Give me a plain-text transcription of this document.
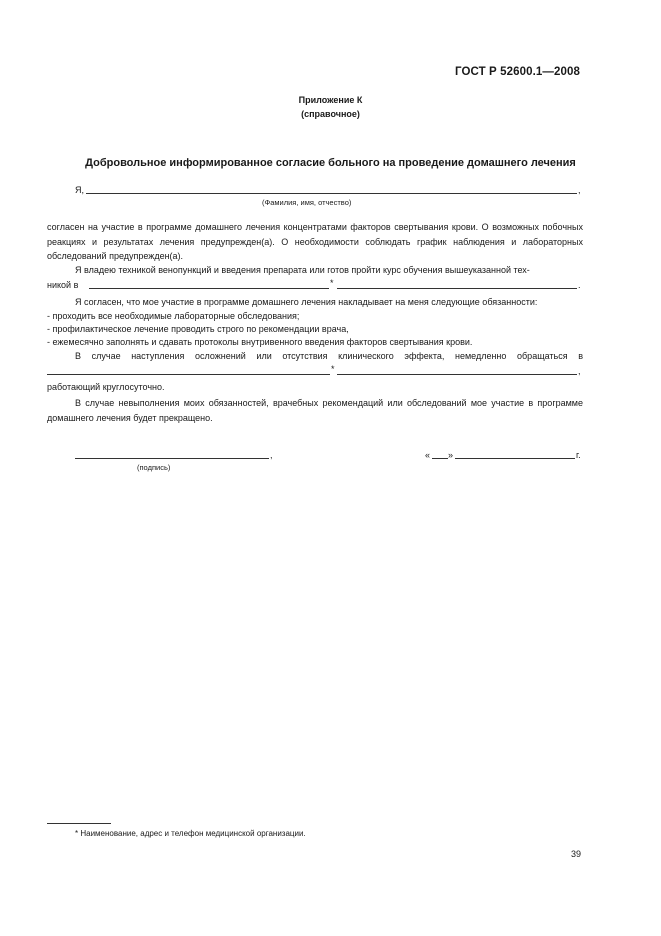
ГОСТ Р 52600.1—2008
Приложение К
(справочное)
Добровольное информированное согласие больного на проведение домашнего лечения
Я,	,
(Фамилия, имя, отчество)
согласен на участие в программе домашнего лечения концентратами факторов свертывания крови. О возможных побочных реакциях и результатах лечения предупрежден(а). О необходимости соблюдать график наблюдения и лабораторных обследований предупрежден(а).
Я владею техникой венопункций и введения препарата или готов пройти курс обучения вышеуказанной тех-
никой в	*	.
Я согласен, что мое участие в программе домашнего лечения накладывает на меня следующие обязанности:
- проходить все необходимые лабораторные обследования;
- профилактическое лечение проводить строго по рекомендации врача,
- ежемесячно заполнять и сдавать протоколы внутривенного введения факторов свертывания крови.
В случае наступления осложнений или отсутствия клинического эффекта, немедленно обращаться в
*	,
работающий круглосуточно.
В случае невыполнения моих обязанностей, врачебных рекомендаций или обследований мое участие в программе домашнего лечения будет прекращено.
,
(подпись)
« »	г.
* Наименование, адрес и телефон медицинской организации.
39
